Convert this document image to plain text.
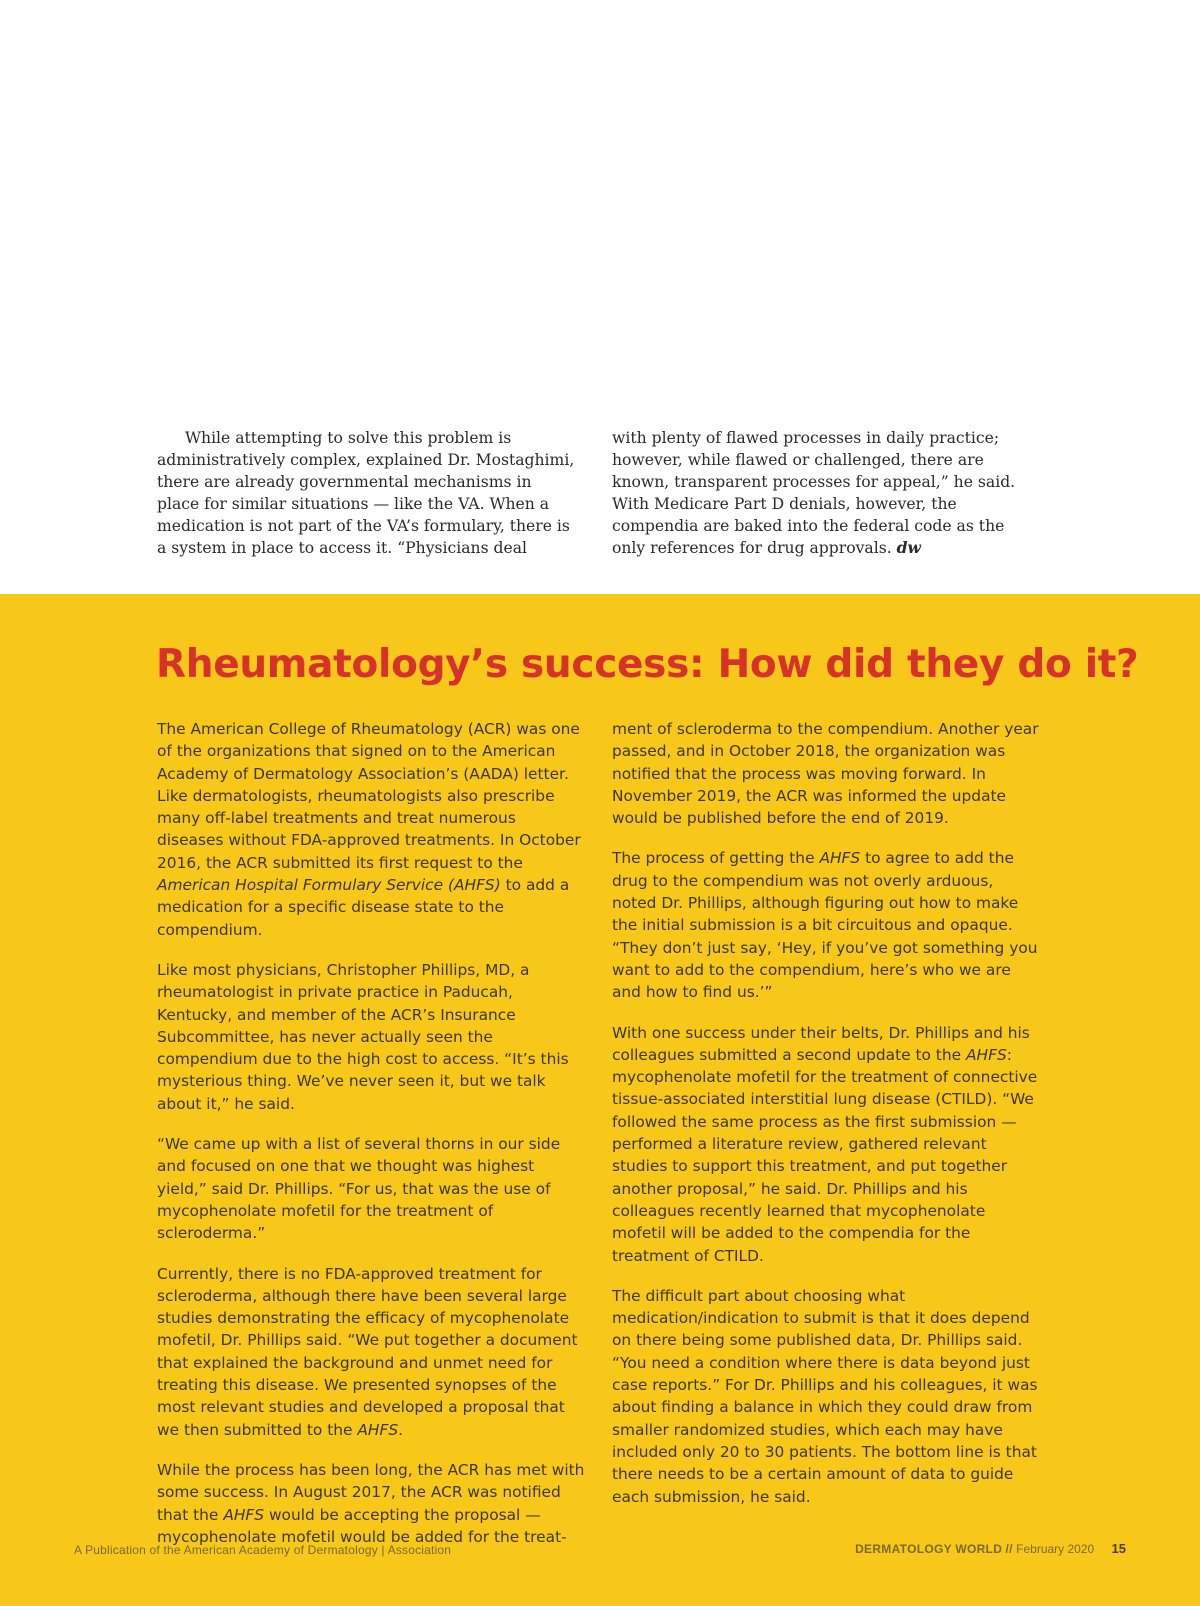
While attempting to solve this problem is administratively complex, explained Dr. Mostaghimi, there are already governmental mechanisms in place for similar situations — like the VA. When a medication is not part of the VA’s formulary, there is a system in place to access it. “Physicians deal

with plenty of flawed processes in daily practice; however, while flawed or challenged, there are known, transparent processes for appeal,” he said. With Medicare Part D denials, however, the compendia are baked into the federal code as the only references for drug approvals. dw

Rheumatology’s success: How did they do it?

The American College of Rheumatology (ACR) was one of the organizations that signed on to the American Academy of Dermatology Association’s (AADA) letter. Like dermatologists, rheumatologists also prescribe many off-label treatments and treat numerous diseases without FDA-approved treatments. In October 2016, the ACR submitted its first request to the American Hospital Formulary Service (AHFS) to add a medication for a specific disease state to the compendium.

Like most physicians, Christopher Phillips, MD, a rheumatologist in private practice in Paducah, Kentucky, and member of the ACR’s Insurance Subcommittee, has never actually seen the compendium due to the high cost to access. “It’s this mysterious thing. We’ve never seen it, but we talk about it,” he said.

“We came up with a list of several thorns in our side and focused on one that we thought was highest yield,” said Dr. Phillips. “For us, that was the use of mycophenolate mofetil for the treatment of scleroderma.”

Currently, there is no FDA-approved treatment for scleroderma, although there have been several large studies demonstrating the efficacy of mycophenolate mofetil, Dr. Phillips said. “We put together a document that explained the background and unmet need for treating this disease. We presented synopses of the most relevant studies and developed a proposal that we then submitted to the AHFS.

While the process has been long, the ACR has met with some success. In August 2017, the ACR was notified that the AHFS would be accepting the proposal — mycophenolate mofetil would be added for the treat-

ment of scleroderma to the compendium. Another year passed, and in October 2018, the organization was notified that the process was moving forward. In November 2019, the ACR was informed the update would be published before the end of 2019.

The process of getting the AHFS to agree to add the drug to the compendium was not overly arduous, noted Dr. Phillips, although figuring out how to make the initial submission is a bit circuitous and opaque. “They don’t just say, ‘Hey, if you’ve got something you want to add to the compendium, here’s who we are and how to find us.’”

With one success under their belts, Dr. Phillips and his colleagues submitted a second update to the AHFS: mycophenolate mofetil for the treatment of connective tissue-associated interstitial lung disease (CTILD). “We followed the same process as the first submission — performed a literature review, gathered relevant studies to support this treatment, and put together another proposal,” he said. Dr. Phillips and his colleagues recently learned that mycophenolate mofetil will be added to the compendia for the treatment of CTILD.

The difficult part about choosing what medication/indication to submit is that it does depend on there being some published data, Dr. Phillips said. “You need a condition where there is data beyond just case reports.” For Dr. Phillips and his colleagues, it was about finding a balance in which they could draw from smaller randomized studies, which each may have included only 20 to 30 patients. The bottom line is that there needs to be a certain amount of data to guide each submission, he said.

A Publication of the American Academy of Dermatology | Association	DERMATOLOGY WORLD // February 2020 15
